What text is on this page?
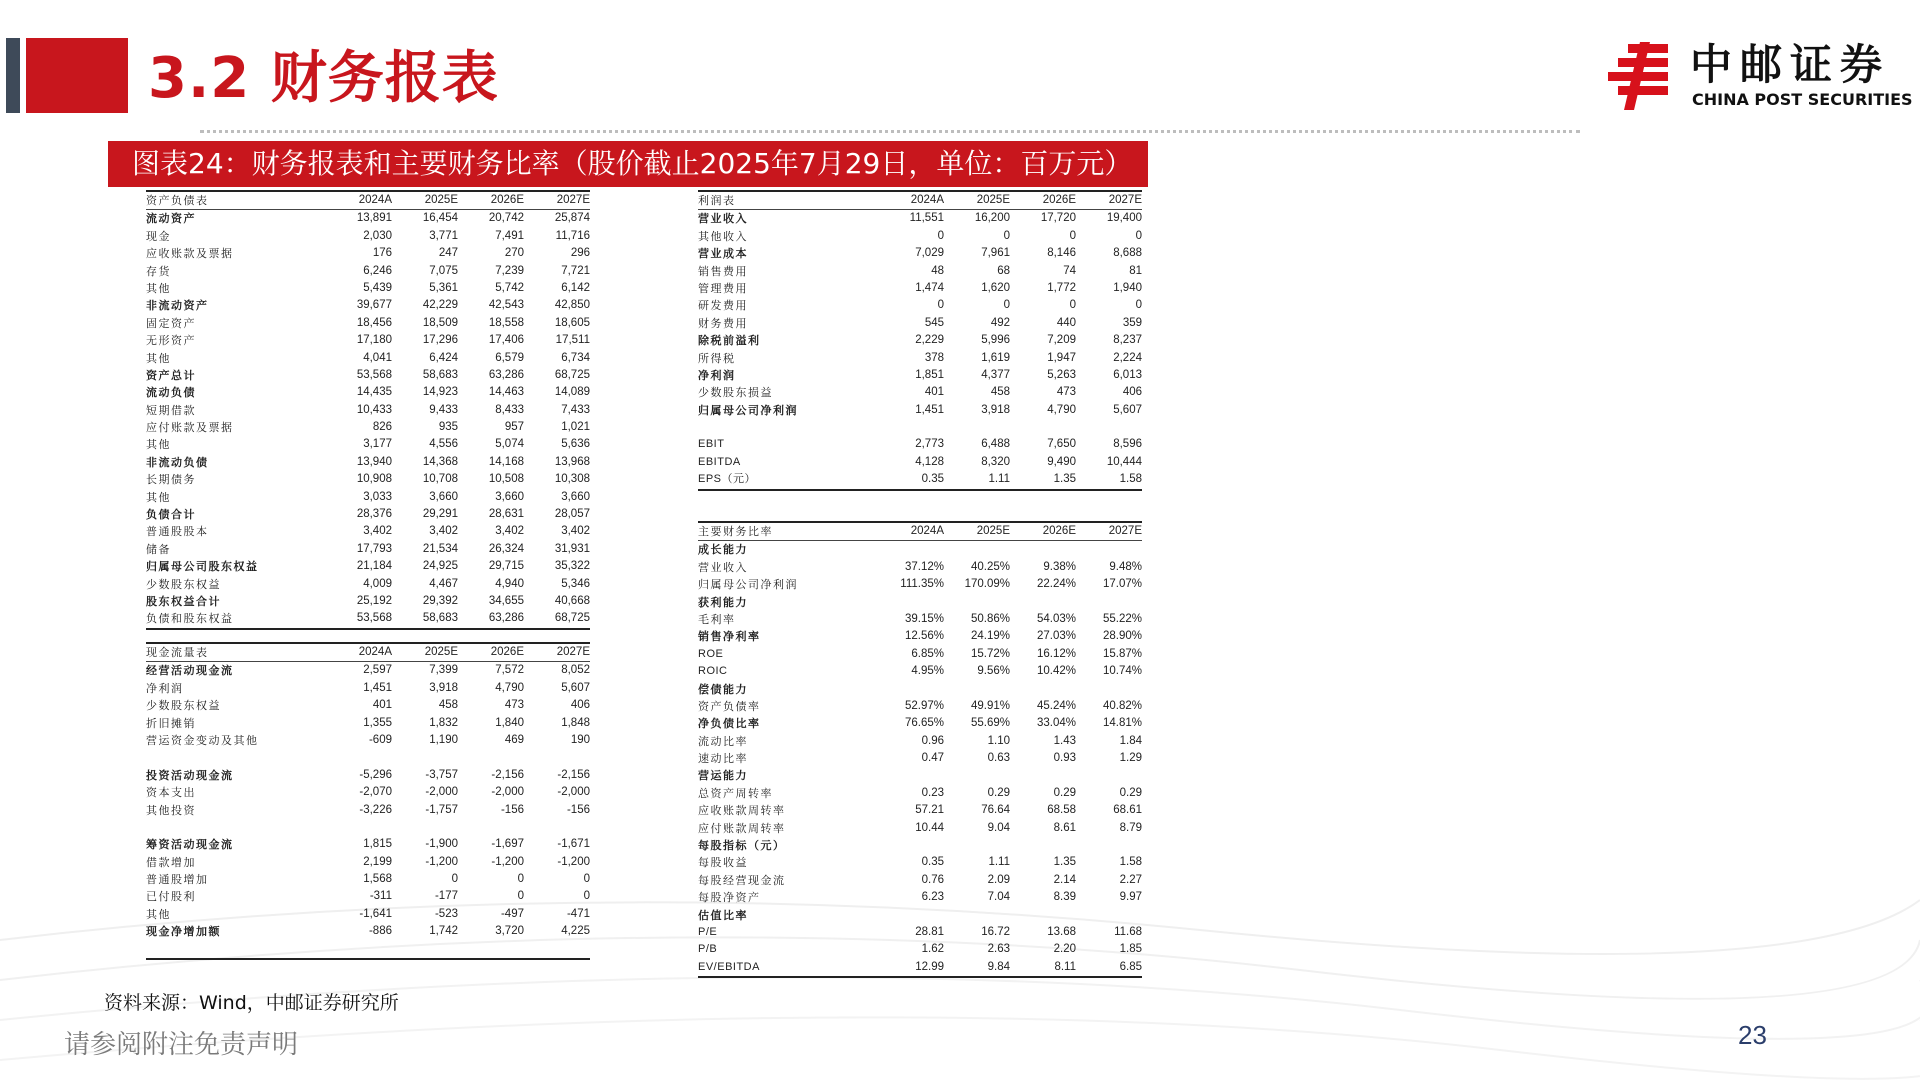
3.2 财务报表	中邮证券
CHINA POST SECURITIES
图表24：财务报表和主要财务比率（股价截止2025年7月29日，单位：百万元）
资产负债表	2024A	2025E	2026E	2027E
流动资产	13,891	16,454	20,742	25,874
现金	2,030	3,771	7,491	11,716
应收账款及票据	176	247	270	296
存货	6,246	7,075	7,239	7,721
其他	5,439	5,361	5,742	6,142
非流动资产	39,677	42,229	42,543	42,850
固定资产	18,456	18,509	18,558	18,605
无形资产	17,180	17,296	17,406	17,511
其他	4,041	6,424	6,579	6,734
资产总计	53,568	58,683	63,286	68,725
流动负债	14,435	14,923	14,463	14,089
短期借款	10,433	9,433	8,433	7,433
应付账款及票据	826	935	957	1,021
其他	3,177	4,556	5,074	5,636
非流动负债	13,940	14,368	14,168	13,968
长期债务	10,908	10,708	10,508	10,308
其他	3,033	3,660	3,660	3,660
负债合计	28,376	29,291	28,631	28,057
普通股股本	3,402	3,402	3,402	3,402
储备	17,793	21,534	26,324	31,931
归属母公司股东权益	21,184	24,925	29,715	35,322
少数股东权益	4,009	4,467	4,940	5,346
股东权益合计	25,192	29,392	34,655	40,668
负债和股东权益	53,568	58,683	63,286	68,725
现金流量表	2024A	2025E	2026E	2027E
经营活动现金流	2,597	7,399	7,572	8,052
净利润	1,451	3,918	4,790	5,607
少数股东权益	401	458	473	406
折旧摊销	1,355	1,832	1,840	1,848
营运资金变动及其他	-609	1,190	469	190
投资活动现金流	-5,296	-3,757	-2,156	-2,156
资本支出	-2,070	-2,000	-2,000	-2,000
其他投资	-3,226	-1,757	-156	-156
筹资活动现金流	1,815	-1,900	-1,697	-1,671
借款增加	2,199	-1,200	-1,200	-1,200
普通股增加	1,568	0	0	0
已付股利	-311	-177	0	0
其他	-1,641	-523	-497	-471
现金净增加额	-886	1,742	3,720	4,225
利润表	2024A	2025E	2026E	2027E
营业收入	11,551	16,200	17,720	19,400
其他收入	0	0	0	0
营业成本	7,029	7,961	8,146	8,688
销售费用	48	68	74	81
管理费用	1,474	1,620	1,772	1,940
研发费用	0	0	0	0
财务费用	545	492	440	359
除税前溢利	2,229	5,996	7,209	8,237
所得税	378	1,619	1,947	2,224
净利润	1,851	4,377	5,263	6,013
少数股东损益	401	458	473	406
归属母公司净利润	1,451	3,918	4,790	5,607
EBIT	2,773	6,488	7,650	8,596
EBITDA	4,128	8,320	9,490	10,444
EPS（元）	0.35	1.11	1.35	1.58
主要财务比率	2024A	2025E	2026E	2027E
成长能力
营业收入	37.12%	40.25%	9.38%	9.48%
归属母公司净利润	111.35%	170.09%	22.24%	17.07%
获利能力
毛利率	39.15%	50.86%	54.03%	55.22%
销售净利率	12.56%	24.19%	27.03%	28.90%
ROE	6.85%	15.72%	16.12%	15.87%
ROIC	4.95%	9.56%	10.42%	10.74%
偿债能力
资产负债率	52.97%	49.91%	45.24%	40.82%
净负债比率	76.65%	55.69%	33.04%	14.81%
流动比率	0.96	1.10	1.43	1.84
速动比率	0.47	0.63	0.93	1.29
营运能力
总资产周转率	0.23	0.29	0.29	0.29
应收账款周转率	57.21	76.64	68.58	68.61
应付账款周转率	10.44	9.04	8.61	8.79
每股指标（元）
每股收益	0.35	1.11	1.35	1.58
每股经营现金流	0.76	2.09	2.14	2.27
每股净资产	6.23	7.04	8.39	9.97
估值比率
P/E	28.81	16.72	13.68	11.68
P/B	1.62	2.63	2.20	1.85
EV/EBITDA	12.99	9.84	8.11	6.85
资料来源：Wind，中邮证券研究所
请参阅附注免责声明	23
